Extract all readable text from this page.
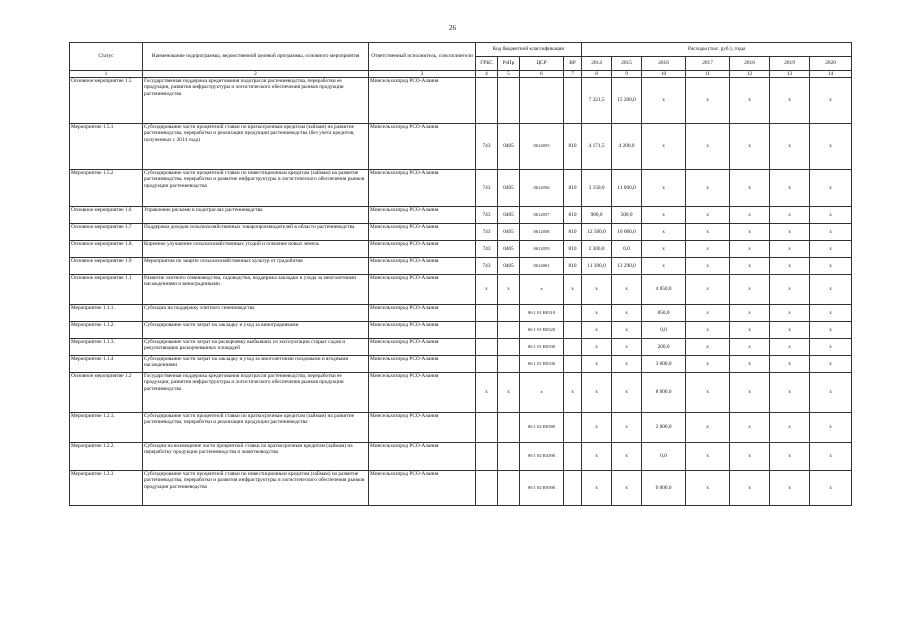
26
Статус	Наименование подпрограммы, ведомственной целевой программы, основного мероприятия	Ответственный исполнитель, соисполнители	Код бюджетной классификации				Расходы (тыс. руб.), годы						
			ГРБС	РзПр	ЦСР	ВР	2014	2015	2016	2017	2018	2019	2020
1	2	3	4	5	6	7	8	9	10	11	12	13	14
Основное мероприятие 1.5	Государственная поддержка кредитования подотрасли растениеводства, переработки ее продукции, развития инфраструктуры и логистического обеспечения рынков продукции растениеводства	Минсельхозпрод РСО-Алания					7 321,5	15 200,0	x	x	x	x	x
Мероприятие 1.5.1	Субсидирование части процентной ставки по краткосрочным кредитам (займам) на развитие растениеводства, переработки и реализации продукции растениеводства (без учета кредитов, полученных с 2014 года)	Минсельхозпрод РСО-Алания	743	0405	0612055	810	4 171,5	4 200,0	x	x	x	x	x
Мероприятие 1.5.2	Субсидирование части процентной ставки по инвестиционным кредитам (займам) на развитие растениеводства, переработки и развитие инфраструктуры и логистического обеспечения рынков продукции растениеводства	Минсельхозпрод РСО-Алания	743	0405	0612056	810	3 150,0	11 000,0	x	x	x	x	x
Основное мероприятие 1.6	Управление рисками в подотраслях растениеводства	Минсельхозпрод РСО-Алания	743	0405	0612057	810	900,0	500,0	x	x	x	x	x
Основное мероприятие 1.7	Поддержка доходов сельскохозяйственных товаропроизводителей в области растениеводства	Минсельхозпрод РСО-Алания	743	0405	0612058	810	12 500,0	16 000,0	x	x	x	x	x
Основное мероприятие 1.8.	Коренное улучшение сельскохозяйственных угодий и освоение новых земель	Минсельхозпрод РСО-Алания	743	0405	0612059	810	2 300,0	0,0	x	x	x	x	x
Основное мероприятие 1.9	Мероприятия по защите сельскохозяйственных культур от градобития	Минсельхозпрод РСО-Алания	743	0405	0612061	810	11 300,0	13 290,0	x	x	x	x	x
Основное мероприятие 1.1	Развитие элитного семеноводства, садоводства, поддержка закладки и ухода за многолетними насаждениями и виноградниками	Минсельхозпрод РСО-Алания	x	x	x	x	x	x	4 050,0	x	x	x	x
Мероприятие 1.1.1.	Субсидии на поддержку элитного семеноводства	Минсельхозпрод РСО-Алания			06 1 01 R0310		x	x	850,0	x	x	x	x
Мероприятие 1.1.2.	Субсидирование части затрат на закладку и уход за виноградниками	Минсельхозпрод РСО-Алания			06 1 01 R0320		x	x	0,0	x	x	x	x
Мероприятие 1.1.3.	Субсидирование части затрат на раскорчевку выбывших из эксплуатации старых садов и рекультивацию раскорчеванных площадей	Минсельхозпрод РСО-Алания			06 1 01 R0330		x	x	200,0	x	x	x	x
Мероприятие 1.1.4	Субсидирование части затрат на закладку и уход за многолетними плодовыми и ягодными насаждениями	Минсельхозпрод РСО-Алания			06 1 01 R0330		x	x	3 000,0	x	x	x	x
Основное мероприятие 1.2	Государственная поддержка кредитования подотрасли растениеводства, переработки ее продукции, развития инфраструктуры и логистического обеспечения рынков продукции растениеводства	Минсельхозпрод РСО-Алания	x	x	x	x	x	x	8 000,0	x	x	x	x
Мероприятие 1.2.1.	Субсидирование части процентной ставки по краткосрочным кредитам (займам) на развитие растениеводства, переработки и реализации продукции растениеводства	Минсельхозпрод РСО-Алания			06 1 02 R0380		x	x	2 000,0	x	x	x	x
Мероприятие 1.2.2.	Субсидии на возмещение части процентной ставки по краткосрочным кредитам (займам) на переработку продукции растениеводства и животноводства	Минсельхозпрод РСО-Алания			06 1 02 R4390		x	x	0,0	x	x	x	x
Мероприятие 1.2.3	Субсидирование части процентной ставки по инвестиционным кредитам (займам) на развитие растениеводства, переработки и развития инфраструктуры и логистического обеспечения рынков продукции растениеводства	Минсельхозпрод РСО-Алания			06 1 02 R0390		x	x	6 000,0	x	x	x	x
